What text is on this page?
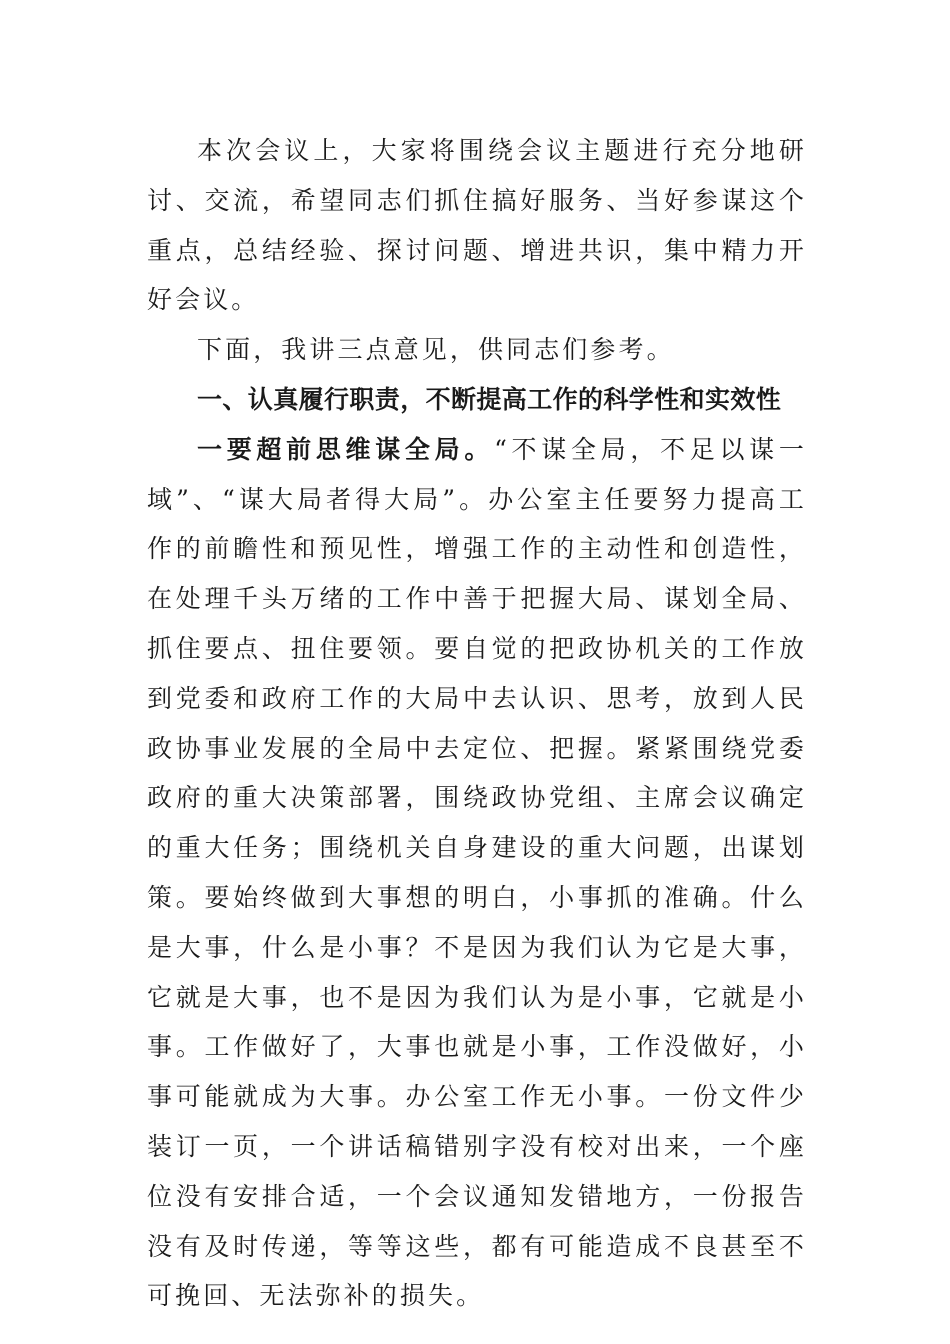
本次会议上，大家将围绕会议主题进行充分地研讨、交流，希望同志们抓住搞好服务、当好参谋这个重点，总结经验、探讨问题、增进共识，集中精力开好会议。

下面，我讲三点意见，供同志们参考。

一、认真履行职责，不断提高工作的科学性和实效性

一要超前思维谋全局。“不谋全局，不足以谋一域”、“谋大局者得大局”。办公室主任要努力提高工作的前瞻性和预见性，增强工作的主动性和创造性，在处理千头万绪的工作中善于把握大局、谋划全局、抓住要点、扭住要领。要自觉的把政协机关的工作放到党委和政府工作的大局中去认识、思考，放到人民政协事业发展的全局中去定位、把握。紧紧围绕党委政府的重大决策部署，围绕政协党组、主席会议确定的重大任务；围绕机关自身建设的重大问题，出谋划策。要始终做到大事想的明白，小事抓的准确。什么是大事，什么是小事？不是因为我们认为它是大事，它就是大事，也不是因为我们认为是小事，它就是小事。工作做好了，大事也就是小事，工作没做好，小事可能就成为大事。办公室工作无小事。一份文件少装订一页，一个讲话稿错别字没有校对出来，一个座位没有安排合适，一个会议通知发错地方，一份报告没有及时传递，等等这些，都有可能造成不良甚至不可挽回、无法弥补的损失。
